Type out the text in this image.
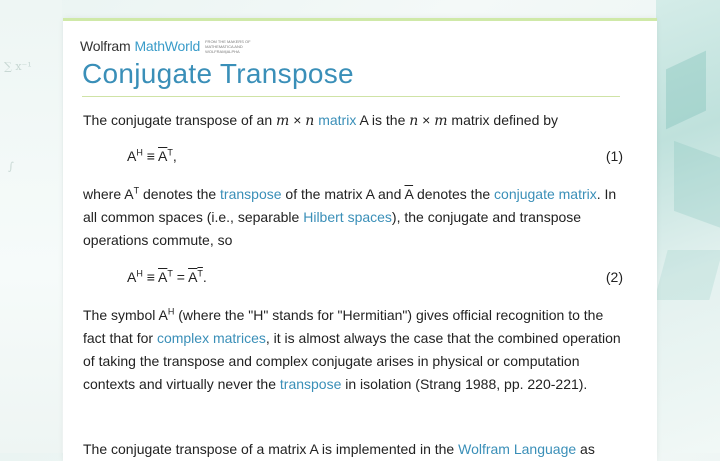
∑ x⁻¹
∫
Wolfram MathWorld FROM THE MAKERS OF MATHEMATICA AND WOLFRAM|ALPHA
Conjugate Transpose
The conjugate transpose of an m × n matrix A is the n × m matrix defined by
$A^H \equiv \overline{A}^T$,	(1)
where $A^T$ denotes the transpose of the matrix A and $\overline{A}$ denotes the conjugate matrix. In all common spaces (i.e., separable Hilbert spaces), the conjugate and transpose operations commute, so
$A^H \equiv \overline{A}^T = A^T$.	(2)
The symbol $A^H$ (where the "H" stands for "Hermitian") gives official recognition to the fact that for complex matrices, it is almost always the case that the combined operation of taking the transpose and complex conjugate arises in physical or computation contexts and virtually never the transpose in isolation (Strang 1988, pp. 220-221).
The conjugate transpose of a matrix A is implemented in the Wolfram Language as
